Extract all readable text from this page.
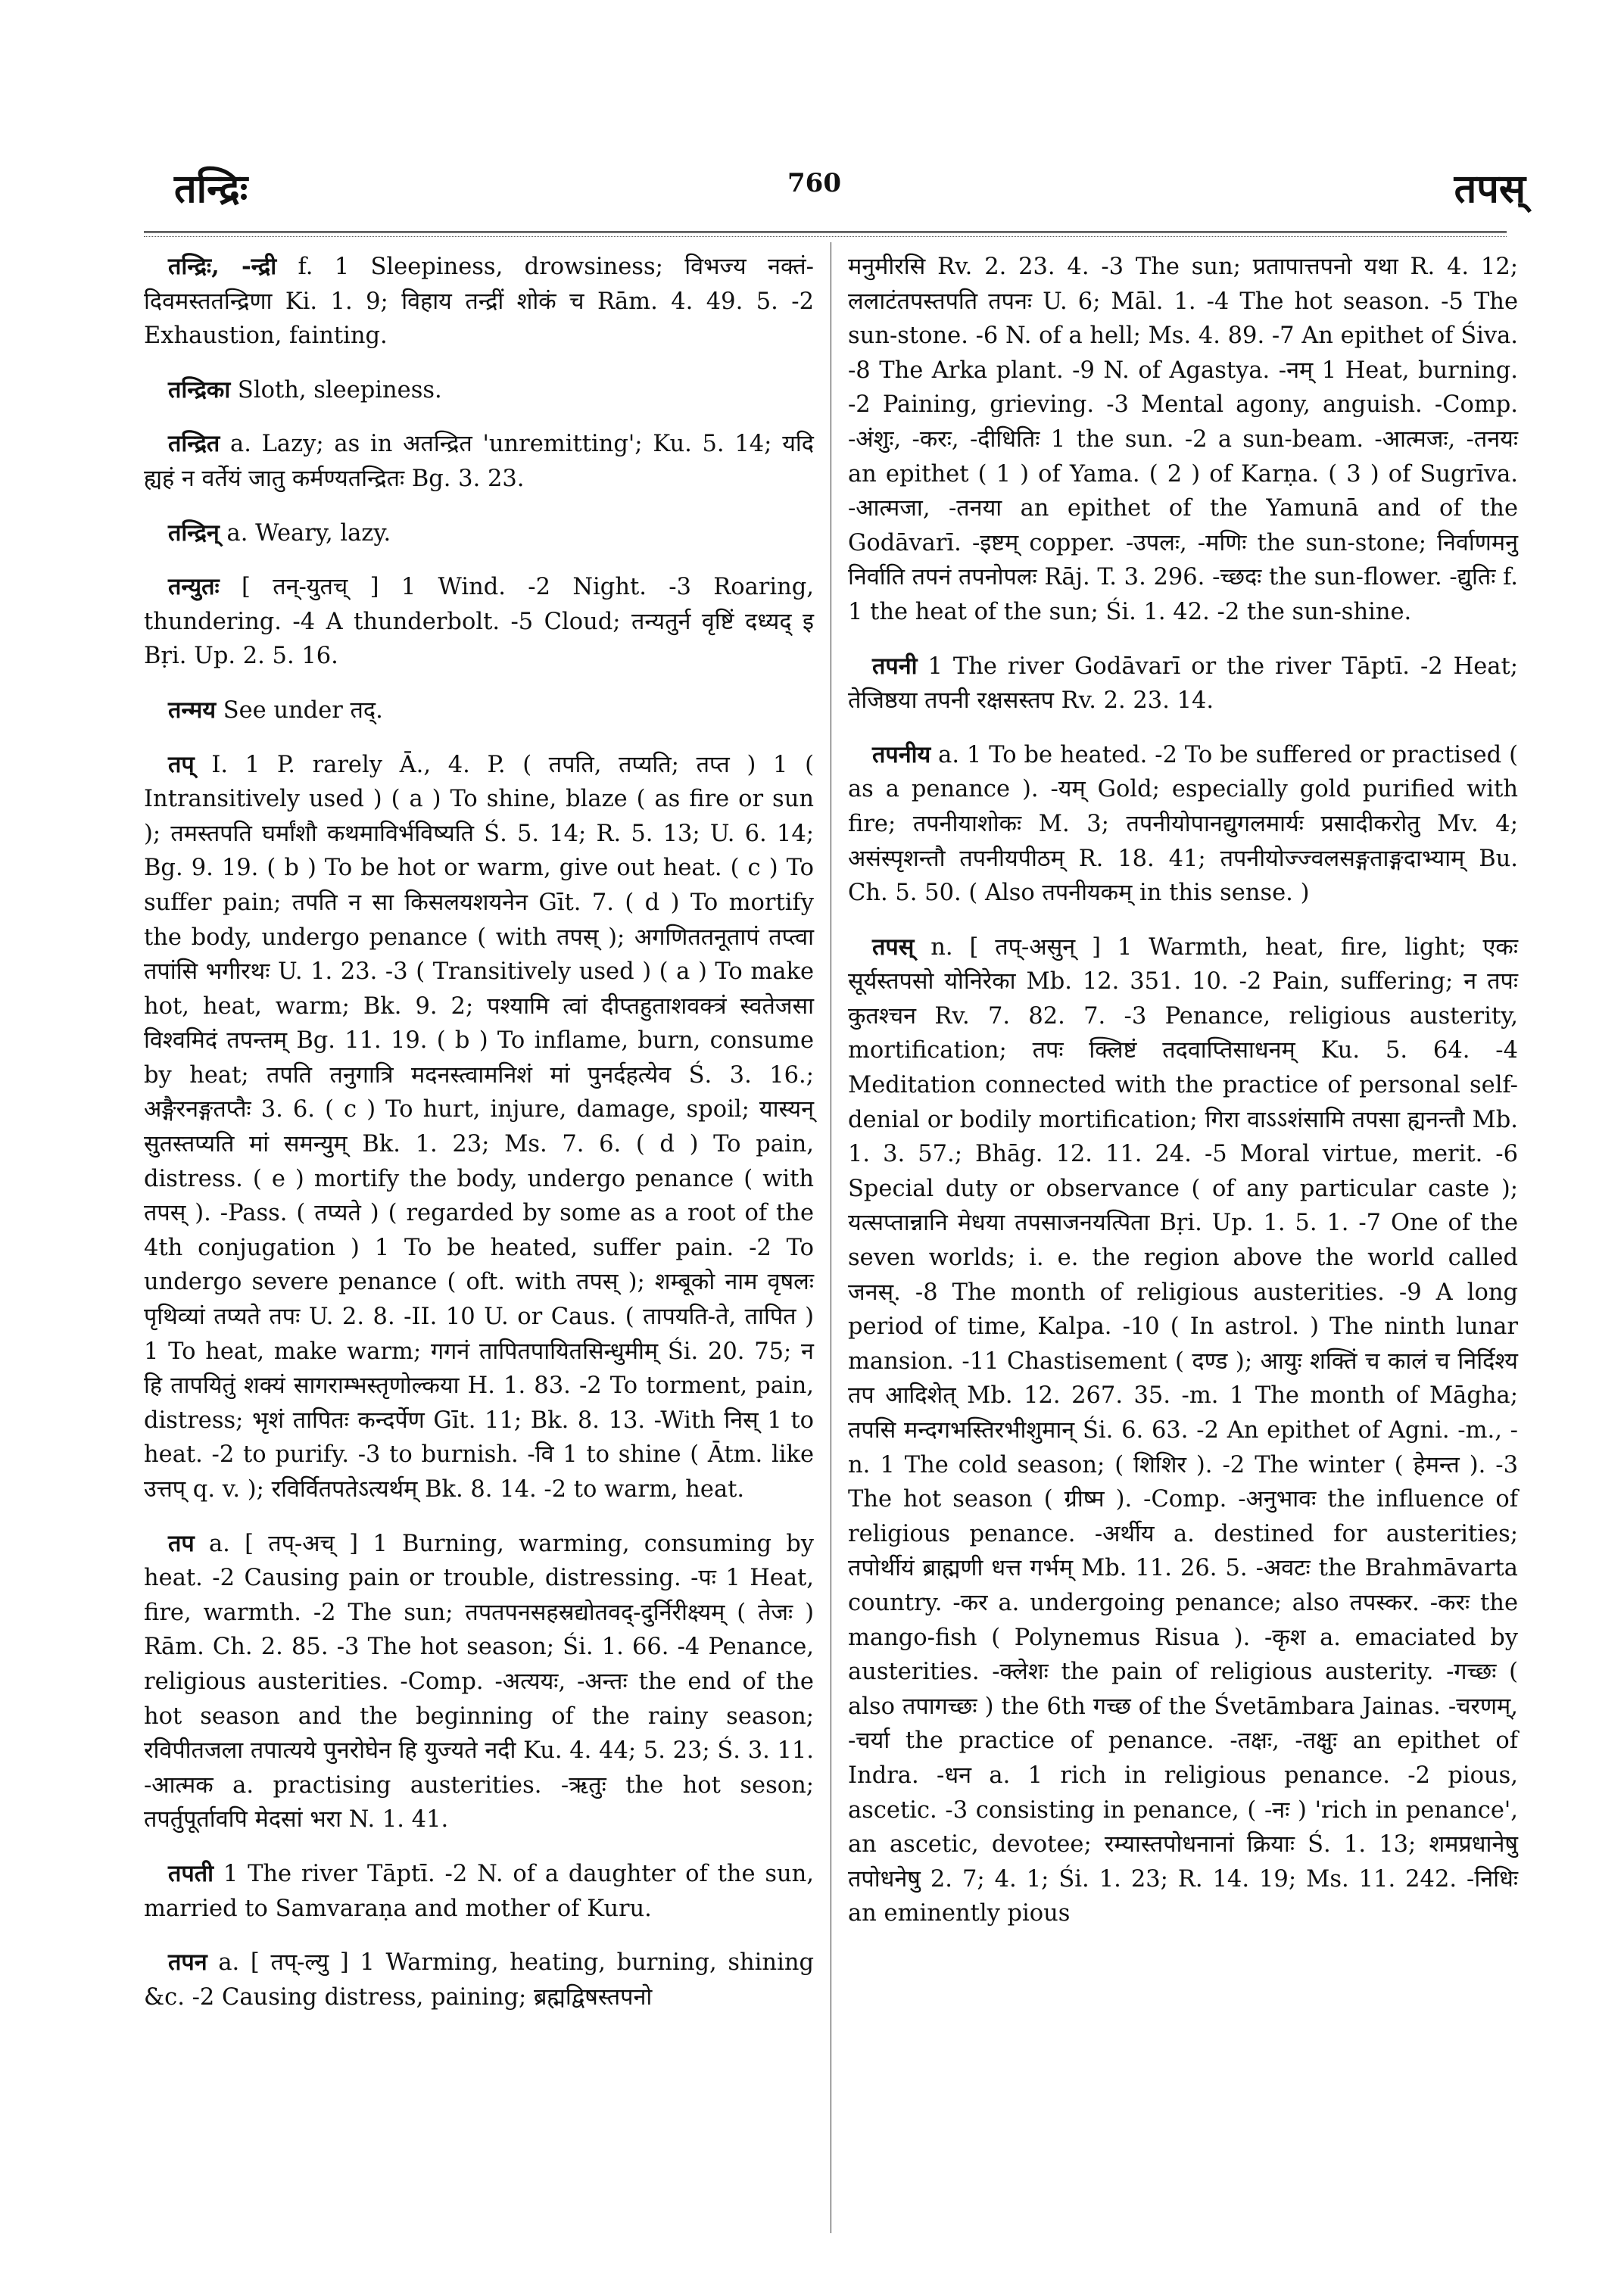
तन्द्रिः	760	तपस्

तन्द्रिः, -न्द्री f. 1 Sleepiness, drowsiness; विभज्य नक्तं-दिवमस्ततन्द्रिणा Ki. 1. 9; विहाय तन्द्रीं शोकं च Rām. 4. 49. 5. -2 Exhaustion, fainting.

तन्द्रिका Sloth, sleepiness.

तन्द्रित a. Lazy; as in अतन्द्रित 'unremitting'; Ku. 5. 14; यदि ह्यहं न वर्तेयं जातु कर्मण्यतन्द्रितः Bg. 3. 23.

तन्द्रिन् a. Weary, lazy.

तन्युतः [ तन्-युतच् ] 1 Wind. -2 Night. -3 Roaring, thundering. -4 A thunderbolt. -5 Cloud; तन्यतुर्न वृष्टिं दध्यद् इ Bṛi. Up. 2. 5. 16.

तन्मय See under तद्.

तप् I. 1 P. rarely Ā., 4. P. ( तपति, तप्यति; तप्त ) 1 ( Intransitively used ) ( a ) To shine, blaze ( as fire or sun ); तमस्तपति घर्मांशौ कथमाविर्भविष्यति Ś. 5. 14; R. 5. 13; U. 6. 14; Bg. 9. 19. ( b ) To be hot or warm, give out heat. ( c ) To suffer pain; तपति न सा किसलयशयनेन Gīt. 7. ( d ) To mortify the body, undergo penance ( with तपस् ); अगणिततनूतापं तप्त्वा तपांसि भगीरथः U. 1. 23. -3 ( Transitively used ) ( a ) To make hot, heat, warm; Bk. 9. 2; पश्यामि त्वां दीप्तहुताशवक्त्रं स्वतेजसा विश्वमिदं तपन्तम् Bg. 11. 19. ( b ) To inflame, burn, consume by heat; तपति तनुगात्रि मदनस्त्वामनिशं मां पुनर्दहत्येव Ś. 3. 16.; अङ्गैरनङ्गतप्तैः 3. 6. ( c ) To hurt, injure, damage, spoil; यास्यन् सुतस्तप्यति मां समन्युम् Bk. 1. 23; Ms. 7. 6. ( d ) To pain, distress. ( e ) mortify the body, undergo penance ( with तपस् ). -Pass. ( तप्यते ) ( regarded by some as a root of the 4th conjugation ) 1 To be heated, suffer pain. -2 To undergo severe penance ( oft. with तपस् ); शम्बूको नाम वृषलः पृथिव्यां तप्यते तपः U. 2. 8. -II. 10 U. or Caus. ( तापयति-ते, तापित ) 1 To heat, make warm; गगनं तापितपायितसिन्धुमीम् Śi. 20. 75; न हि तापयितुं शक्यं सागराम्भस्तृणोल्कया H. 1. 83. -2 To torment, pain, distress; भृशं तापितः कन्दर्पेण Gīt. 11; Bk. 8. 13. -With निस् 1 to heat. -2 to purify. -3 to burnish. -वि 1 to shine ( Ātm. like उत्तप् q. v. ); रविर्वितपतेऽत्यर्थम् Bk. 8. 14. -2 to warm, heat.

तप a. [ तप्-अच् ] 1 Burning, warming, consuming by heat. -2 Causing pain or trouble, distressing. -पः 1 Heat, fire, warmth. -2 The sun; तपतपनसहस्रद्योतवद्-दुर्निरीक्ष्यम् ( तेजः ) Rām. Ch. 2. 85. -3 The hot season; Śi. 1. 66. -4 Penance, religious austerities. -Comp. -अत्ययः, -अन्तः the end of the hot season and the beginning of the rainy season; रविपीतजला तपात्यये पुनरोघेन हि युज्यते नदी Ku. 4. 44; 5. 23; Ś. 3. 11. -आत्मक a. practising austerities. -ऋतुः the hot seson; तपर्तुपूर्तावपि मेदसां भरा N. 1. 41.

तपती 1 The river Tāptī. -2 N. of a daughter of the sun, married to Samvaraṇa and mother of Kuru.

तपन a. [ तप्-ल्यु ] 1 Warming, heating, burning, shining &c. -2 Causing distress, paining; ब्रह्मद्विषस्तपनो

मनुमीरसि Rv. 2. 23. 4. -3 The sun; प्रतापात्तपनो यथा R. 4. 12; ललाटंतपस्तपति तपनः U. 6; Māl. 1. -4 The hot season. -5 The sun-stone. -6 N. of a hell; Ms. 4. 89. -7 An epithet of Śiva. -8 The Arka plant. -9 N. of Agastya. -नम् 1 Heat, burning. -2 Paining, grieving. -3 Mental agony, anguish. -Comp. -अंशुः, -करः, -दीधितिः 1 the sun. -2 a sun-beam. -आत्मजः, -तनयः an epithet ( 1 ) of Yama. ( 2 ) of Karṇa. ( 3 ) of Sugrīva. -आत्मजा, -तनया an epithet of the Yamunā and of the Godāvarī. -इष्टम् copper. -उपलः, -मणिः the sun-stone; निर्वाणमनु निर्वाति तपनं तपनोपलः Rāj. T. 3. 296. -च्छदः the sun-flower. -द्युतिः f. 1 the heat of the sun; Śi. 1. 42. -2 the sun-shine.

तपनी 1 The river Godāvarī or the river Tāptī. -2 Heat; तेजिष्ठया तपनी रक्षसस्तप Rv. 2. 23. 14.

तपनीय a. 1 To be heated. -2 To be suffered or practised ( as a penance ). -यम् Gold; especially gold purified with fire; तपनीयाशोकः M. 3; तपनीयोपानद्युगलमार्यः प्रसादीकरोतु Mv. 4; असंस्पृशन्तौ तपनीयपीठम् R. 18. 41; तपनीयोज्ज्वलसङ्गताङ्गदाभ्याम् Bu. Ch. 5. 50. ( Also तपनीयकम् in this sense. )

तपस् n. [ तप्-असुन् ] 1 Warmth, heat, fire, light; एकः सूर्यस्तपसो योनिरेका Mb. 12. 351. 10. -2 Pain, suffering; न तपः कुतश्चन Rv. 7. 82. 7. -3 Penance, religious austerity, mortification; तपः क्लिष्टं तदवाप्तिसाधनम् Ku. 5. 64. -4 Meditation connected with the practice of personal self-denial or bodily mortification; गिरा वाऽऽशंसामि तपसा ह्यनन्तौ Mb. 1. 3. 57.; Bhāg. 12. 11. 24. -5 Moral virtue, merit. -6 Special duty or observance ( of any particular caste ); यत्सप्तान्नानि मेधया तपसाजनयत्पिता Bṛi. Up. 1. 5. 1. -7 One of the seven worlds; i. e. the region above the world called जनस्. -8 The month of religious austerities. -9 A long period of time, Kalpa. -10 ( In astrol. ) The ninth lunar mansion. -11 Chastisement ( दण्ड ); आयुः शक्तिं च कालं च निर्दिश्य तप आदिशेत् Mb. 12. 267. 35. -m. 1 The month of Māgha; तपसि मन्दगभस्तिरभीशुमान् Śi. 6. 63. -2 An epithet of Agni. -m., -n. 1 The cold season; ( शिशिर ). -2 The winter ( हेमन्त ). -3 The hot season ( ग्रीष्म ). -Comp. -अनुभावः the influence of religious penance. -अर्थीय a. destined for austerities; तपोर्थीयं ब्राह्मणी धत्त गर्भम् Mb. 11. 26. 5. -अवटः the Brahmāvarta country. -कर a. undergoing penance; also तपस्कर. -करः the mango-fish ( Polynemus Risua ). -कृश a. emaciated by austerities. -क्लेशः the pain of religious austerity. -गच्छः ( also तपागच्छः ) the 6th गच्छ of the Śvetāmbara Jainas. -चरणम्, -चर्या the practice of penance. -तक्षः, -तक्षुः an epithet of Indra. -धन a. 1 rich in religious penance. -2 pious, ascetic. -3 consisting in penance, ( -नः ) 'rich in penance', an ascetic, devotee; रम्यास्तपोधनानां क्रियाः Ś. 1. 13; शमप्रधानेषु तपोधनेषु 2. 7; 4. 1; Śi. 1. 23; R. 14. 19; Ms. 11. 242. -निधिः an eminently pious
